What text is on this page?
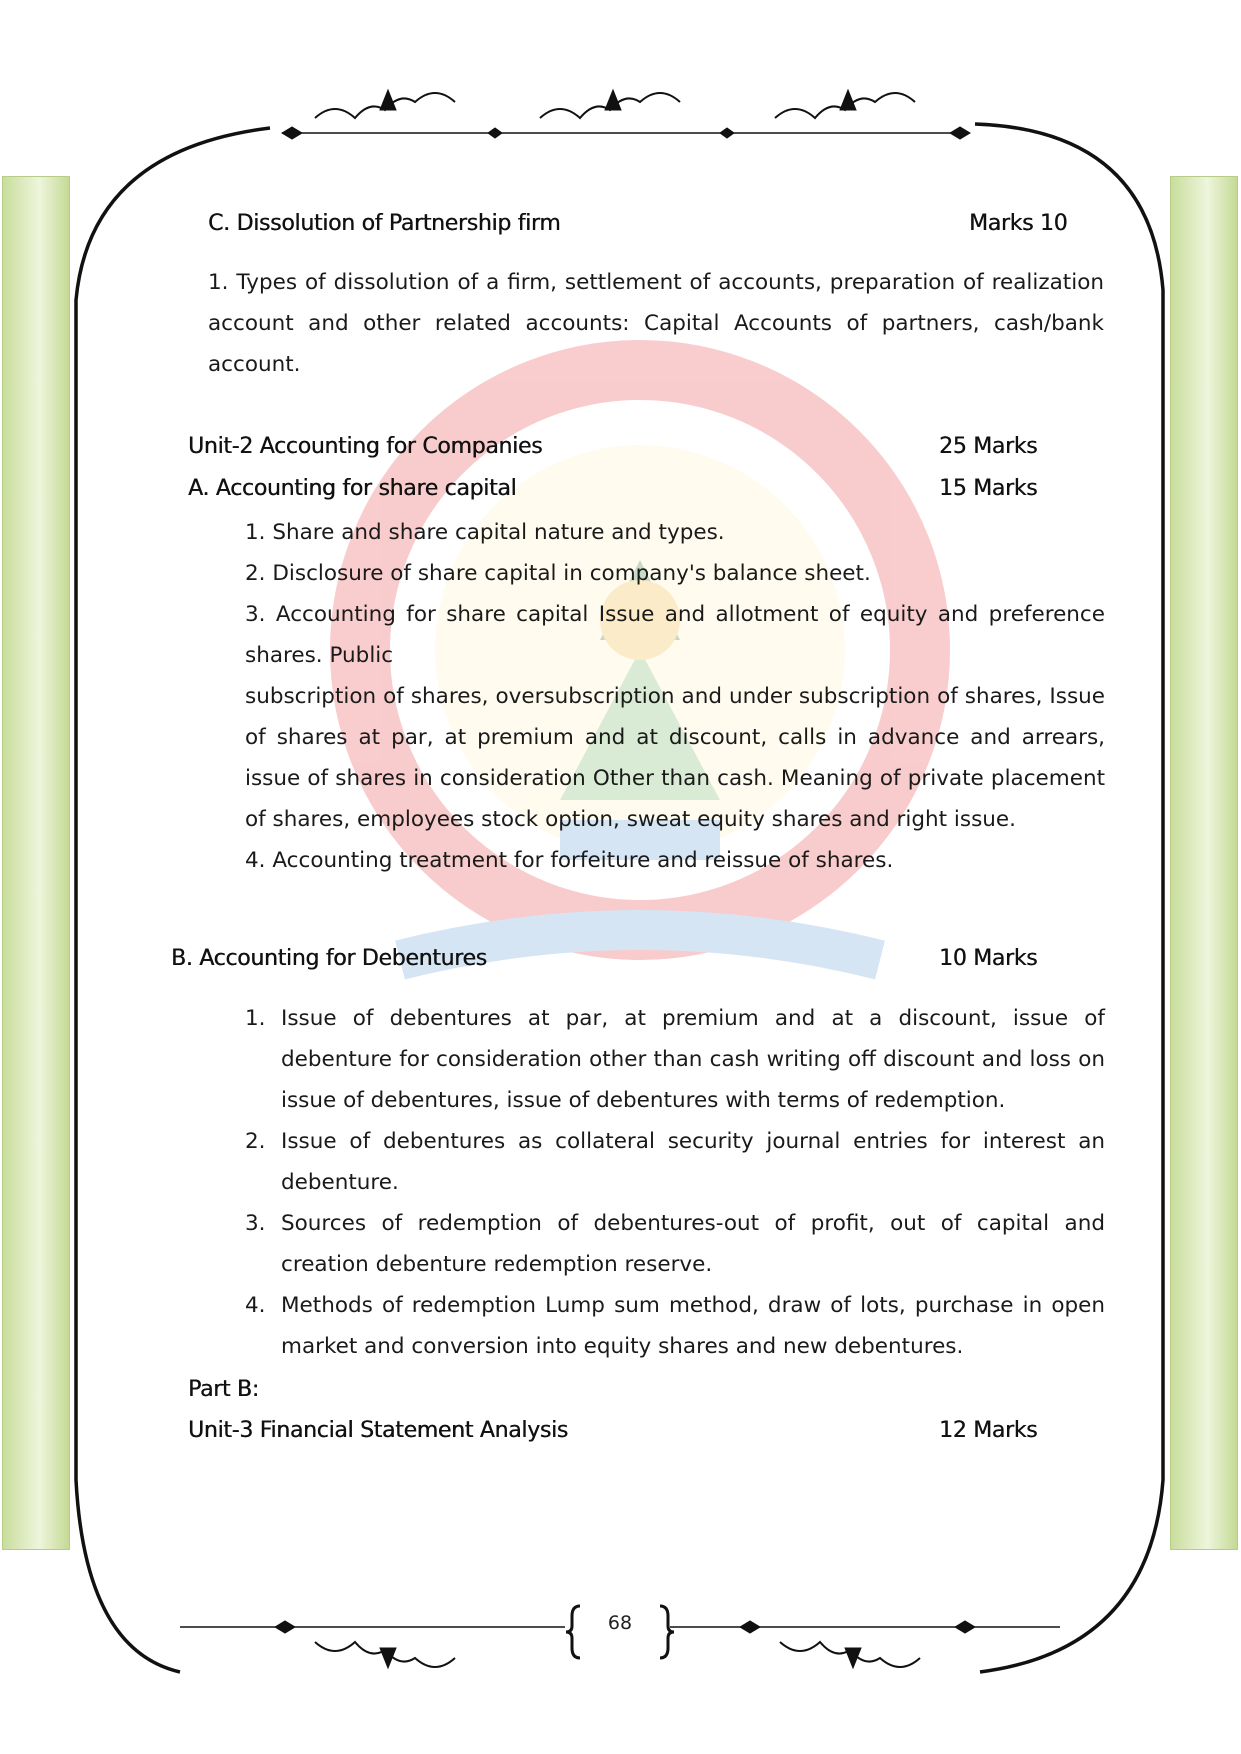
C. Dissolution of Partnership firm	Marks 10
1. Types of dissolution of a firm, settlement of accounts, preparation of realization account and other related accounts: Capital Accounts of partners, cash/bank account.
Unit-2 Accounting for Companies	25 Marks
A. Accounting for share capital	15 Marks
1. Share and share capital nature and types.
2. Disclosure of share capital in company's balance sheet.
3. Accounting for share capital Issue and allotment of equity and preference shares. Public
subscription of shares, oversubscription and under subscription of shares, Issue of shares at par, at premium and at discount, calls in advance and arrears, issue of shares in consideration Other than cash. Meaning of private placement of shares, employees stock option, sweat equity shares and right issue.
4. Accounting treatment for forfeiture and reissue of shares.
B. Accounting for Debentures	10 Marks
1. Issue of debentures at par, at premium and at a discount, issue of debenture for consideration other than cash writing off discount and loss on issue of debentures, issue of debentures with terms of redemption.
2. Issue of debentures as collateral security journal entries for interest an debenture.
3. Sources of redemption of debentures-out of profit, out of capital and creation debenture redemption reserve.
4. Methods of redemption Lump sum method, draw of lots, purchase in open market and conversion into equity shares and new debentures.
Part B:
Unit-3 Financial Statement Analysis	12 Marks
68
